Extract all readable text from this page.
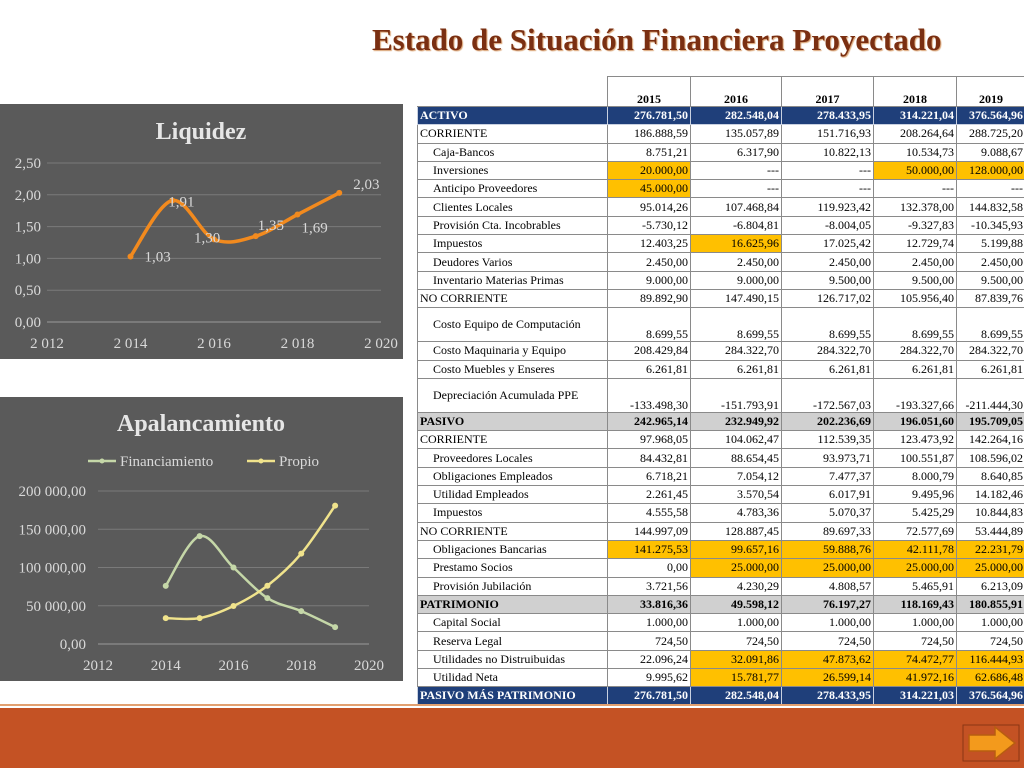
Estado de Situación Financiera Proyectado
Liquidez
0,00
0,50
1,00
1,50
2,00
2,50
2 012	2 014	2 016	2 018	2 020
1,03
1,91
1,30
1,35 1,69
2,03
Apalancamiento
0,00
50 000,00
100 000,00
150 000,00
200 000,00
2012	2014	2016	2018	2020
Financiamiento	Propio
	2015	2016	2017	2018	2019
ACTIVO	276.781,50	282.548,04	278.433,95	314.221,04	376.564,96
CORRIENTE	186.888,59	135.057,89	151.716,93	208.264,64	288.725,20
Caja-Bancos	8.751,21	6.317,90	10.822,13	10.534,73	9.088,67
Inversiones	20.000,00	---	---	50.000,00	128.000,00
Anticipo Proveedores	45.000,00	---	---	---	---
Clientes Locales	95.014,26	107.468,84	119.923,42	132.378,00	144.832,58
Provisión Cta. Incobrables	-5.730,12	-6.804,81	-8.004,05	-9.327,83	-10.345,93
Impuestos	12.403,25	16.625,96	17.025,42	12.729,74	5.199,88
Deudores Varios	2.450,00	2.450,00	2.450,00	2.450,00	2.450,00
Inventario Materias Primas	9.000,00	9.000,00	9.500,00	9.500,00	9.500,00
NO CORRIENTE	89.892,90	147.490,15	126.717,02	105.956,40	87.839,76
Costo Equipo de Computación	8.699,55	8.699,55	8.699,55	8.699,55	8.699,55
Costo Maquinaria y Equipo	208.429,84	284.322,70	284.322,70	284.322,70	284.322,70
Costo Muebles y Enseres	6.261,81	6.261,81	6.261,81	6.261,81	6.261,81
Depreciación Acumulada PPE	-133.498,30	-151.793,91	-172.567,03	-193.327,66	-211.444,30
PASIVO	242.965,14	232.949,92	202.236,69	196.051,60	195.709,05
CORRIENTE	97.968,05	104.062,47	112.539,35	123.473,92	142.264,16
Proveedores Locales	84.432,81	88.654,45	93.973,71	100.551,87	108.596,02
Obligaciones Empleados	6.718,21	7.054,12	7.477,37	8.000,79	8.640,85
Utilidad Empleados	2.261,45	3.570,54	6.017,91	9.495,96	14.182,46
Impuestos	4.555,58	4.783,36	5.070,37	5.425,29	10.844,83
NO CORRIENTE	144.997,09	128.887,45	89.697,33	72.577,69	53.444,89
Obligaciones Bancarias	141.275,53	99.657,16	59.888,76	42.111,78	22.231,79
Prestamo Socios	0,00	25.000,00	25.000,00	25.000,00	25.000,00
Provisión Jubilación	3.721,56	4.230,29	4.808,57	5.465,91	6.213,09
PATRIMONIO	33.816,36	49.598,12	76.197,27	118.169,43	180.855,91
Capital Social	1.000,00	1.000,00	1.000,00	1.000,00	1.000,00
Reserva Legal	724,50	724,50	724,50	724,50	724,50
Utilidades no Distruibuidas	22.096,24	32.091,86	47.873,62	74.472,77	116.444,93
Utilidad Neta	9.995,62	15.781,77	26.599,14	41.972,16	62.686,48
PASIVO MÁS PATRIMONIO	276.781,50	282.548,04	278.433,95	314.221,03	376.564,96
